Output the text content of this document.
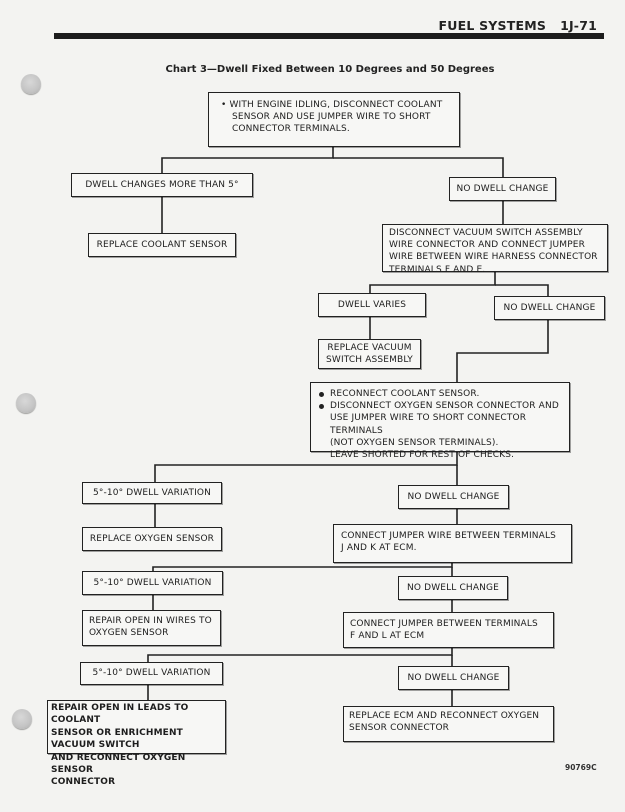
FUEL SYSTEMS 1J-71
Chart 3—Dwell Fixed Between 10 Degrees and 50 Degrees
• WITH ENGINE IDLING, DISCONNECT COOLANT
SENSOR AND USE JUMPER WIRE TO SHORT
CONNECTOR TERMINALS.
DWELL CHANGES MORE THAN 5°	NO DWELL CHANGE
REPLACE COOLANT SENSOR
DISCONNECT VACUUM SWITCH ASSEMBLY
WIRE CONNECTOR AND CONNECT JUMPER
WIRE BETWEEN WIRE HARNESS CONNECTOR
TERMINALS F AND E.
DWELL VARIES	NO DWELL CHANGE
REPLACE VACUUM
SWITCH ASSEMBLY
RECONNECT COOLANT SENSOR.
DISCONNECT OXYGEN SENSOR CONNECTOR AND
USE JUMPER WIRE TO SHORT CONNECTOR TERMINALS
(NOT OXYGEN SENSOR TERMINALS).
LEAVE SHORTED FOR REST OF CHECKS.
5°-10° DWELL VARIATION	NO DWELL CHANGE
REPLACE OXYGEN SENSOR	CONNECT JUMPER WIRE BETWEEN TERMINALS
J AND K AT ECM.
5°-10° DWELL VARIATION	NO DWELL CHANGE
REPAIR OPEN IN WIRES TO
OXYGEN SENSOR
CONNECT JUMPER BETWEEN TERMINALS
F AND L AT ECM
5°-10° DWELL VARIATION	NO DWELL CHANGE
REPAIR OPEN IN LEADS TO COOLANT
SENSOR OR ENRICHMENT VACUUM SWITCH
AND RECONNECT OXYGEN SENSOR
CONNECTOR
REPLACE ECM AND RECONNECT OXYGEN
SENSOR CONNECTOR
90769C
